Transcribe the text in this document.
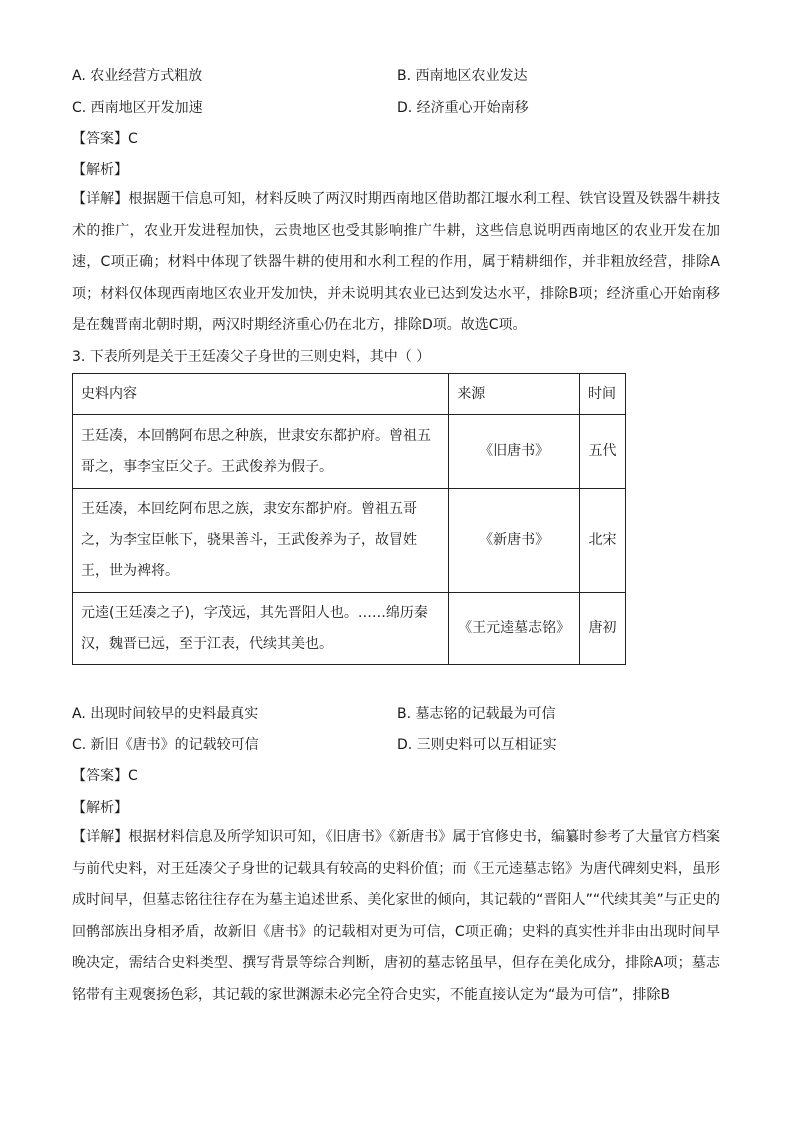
A. 农业经营方式粗放	B. 西南地区农业发达
C. 西南地区开发加速	D. 经济重心开始南移
【答案】C
【解析】
【详解】根据题干信息可知，材料反映了两汉时期西南地区借助都江堰水利工程、铁官设置及铁器牛耕技术的推广，农业开发进程加快，云贵地区也受其影响推广牛耕，这些信息说明西南地区的农业开发在加速，C项正确；材料中体现了铁器牛耕的使用和水利工程的作用，属于精耕细作，并非粗放经营，排除A项；材料仅体现西南地区农业开发加快，并未说明其农业已达到发达水平，排除B项；经济重心开始南移是在魏晋南北朝时期，两汉时期经济重心仍在北方，排除D项。故选C项。
3. 下表所列是关于王廷凑父子身世的三则史料，其中（ ）
史料内容	来源	时间
王廷凑，本回鹘阿布思之种族，世隶安东都护府。曾祖五哥之，事李宝臣父子。王武俊养为假子。	《旧唐书》	五代
王廷凑，本回纥阿布思之族，隶安东都护府。曾祖五哥之，为李宝臣帐下，骁果善斗，王武俊养为子，故冒姓王，世为裨将。	《新唐书》	北宋
元逵(王廷凑之子)，字茂远，其先晋阳人也。……绵历秦汉，魏晋已远，至于江表，代续其美也。	《王元逵墓志铭》	唐初
A. 出现时间较早的史料最真实	B. 墓志铭的记载最为可信
C. 新旧《唐书》的记载较可信	D. 三则史料可以互相证实
【答案】C
【解析】
【详解】根据材料信息及所学知识可知，《旧唐书》《新唐书》属于官修史书，编纂时参考了大量官方档案与前代史料，对王廷凑父子身世的记载具有较高的史料价值；而《王元逵墓志铭》为唐代碑刻史料，虽形成时间早，但墓志铭往往存在为墓主追述世系、美化家世的倾向，其记载的“晋阳人”“代续其美”与正史的回鹘部族出身相矛盾，故新旧《唐书》的记载相对更为可信，C项正确；史料的真实性并非由出现时间早晚决定，需结合史料类型、撰写背景等综合判断，唐初的墓志铭虽早，但存在美化成分，排除A项；墓志铭带有主观褒扬色彩，其记载的家世渊源未必完全符合史实，不能直接认定为“最为可信”，排除B
